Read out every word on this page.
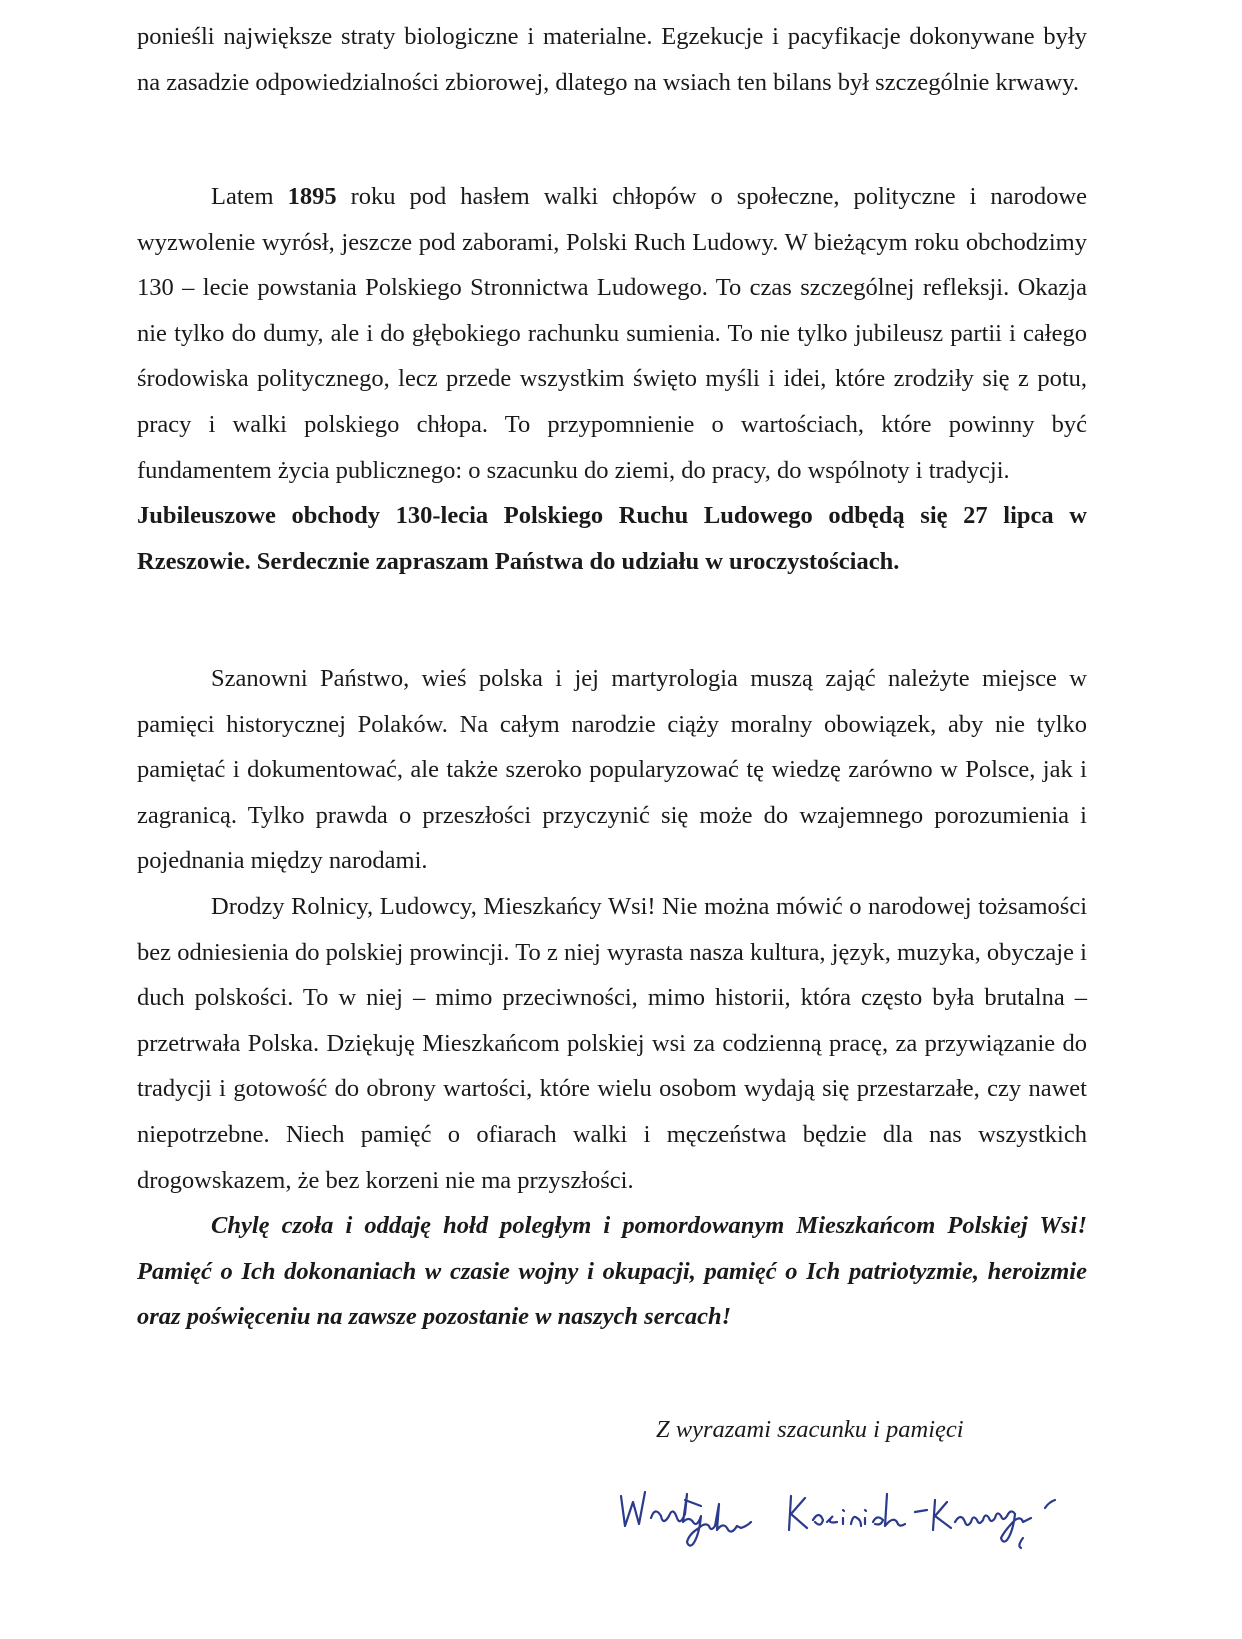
ponieśli największe straty biologiczne i materialne. Egzekucje i pacyfikacje dokonywane były na zasadzie odpowiedzialności zbiorowej, dlatego na wsiach ten bilans był szczególnie krwawy.

Latem 1895 roku pod hasłem walki chłopów o społeczne, polityczne i narodowe wyzwolenie wyrósł, jeszcze pod zaborami, Polski Ruch Ludowy. W bieżącym roku obchodzimy 130 – lecie powstania Polskiego Stronnictwa Ludowego. To czas szczególnej refleksji. Okazja nie tylko do dumy, ale i do głębokiego rachunku sumienia. To nie tylko jubileusz partii i całego środowiska politycznego, lecz przede wszystkim święto myśli i idei, które zrodziły się z potu, pracy i walki polskiego chłopa. To przypomnienie o wartościach, które powinny być fundamentem życia publicznego: o szacunku do ziemi, do pracy, do wspólnoty i tradycji.

Jubileuszowe obchody 130-lecia Polskiego Ruchu Ludowego odbędą się 27 lipca w Rzeszowie. Serdecznie zapraszam Państwa do udziału w uroczystościach.

Szanowni Państwo, wieś polska i jej martyrologia muszą zająć należyte miejsce w pamięci historycznej Polaków. Na całym narodzie ciąży moralny obowiązek, aby nie tylko pamiętać i dokumentować, ale także szeroko popularyzować tę wiedzę zarówno w Polsce, jak i zagranicą. Tylko prawda o przeszłości przyczynić się może do wzajemnego porozumienia i pojednania między narodami.

Drodzy Rolnicy, Ludowcy, Mieszkańcy Wsi! Nie można mówić o narodowej tożsamości bez odniesienia do polskiej prowincji. To z niej wyrasta nasza kultura, język, muzyka, obyczaje i duch polskości. To w niej – mimo przeciwności, mimo historii, która często była brutalna – przetrwała Polska. Dziękuję Mieszkańcom polskiej wsi za codzienną pracę, za przywiązanie do tradycji i gotowość do obrony wartości, które wielu osobom wydają się przestarzałe, czy nawet niepotrzebne. Niech pamięć o ofiarach walki i męczeństwa będzie dla nas wszystkich drogowskazem, że bez korzeni nie ma przyszłości.

Chylę czoła i oddaję hołd poległym i pomordowanym Mieszkańcom Polskiej Wsi! Pamięć o Ich dokonaniach w czasie wojny i okupacji, pamięć o Ich patriotyzmie, heroizmie oraz poświęceniu na zawsze pozostanie w naszych sercach!

Z wyrazami szacunku i pamięci
